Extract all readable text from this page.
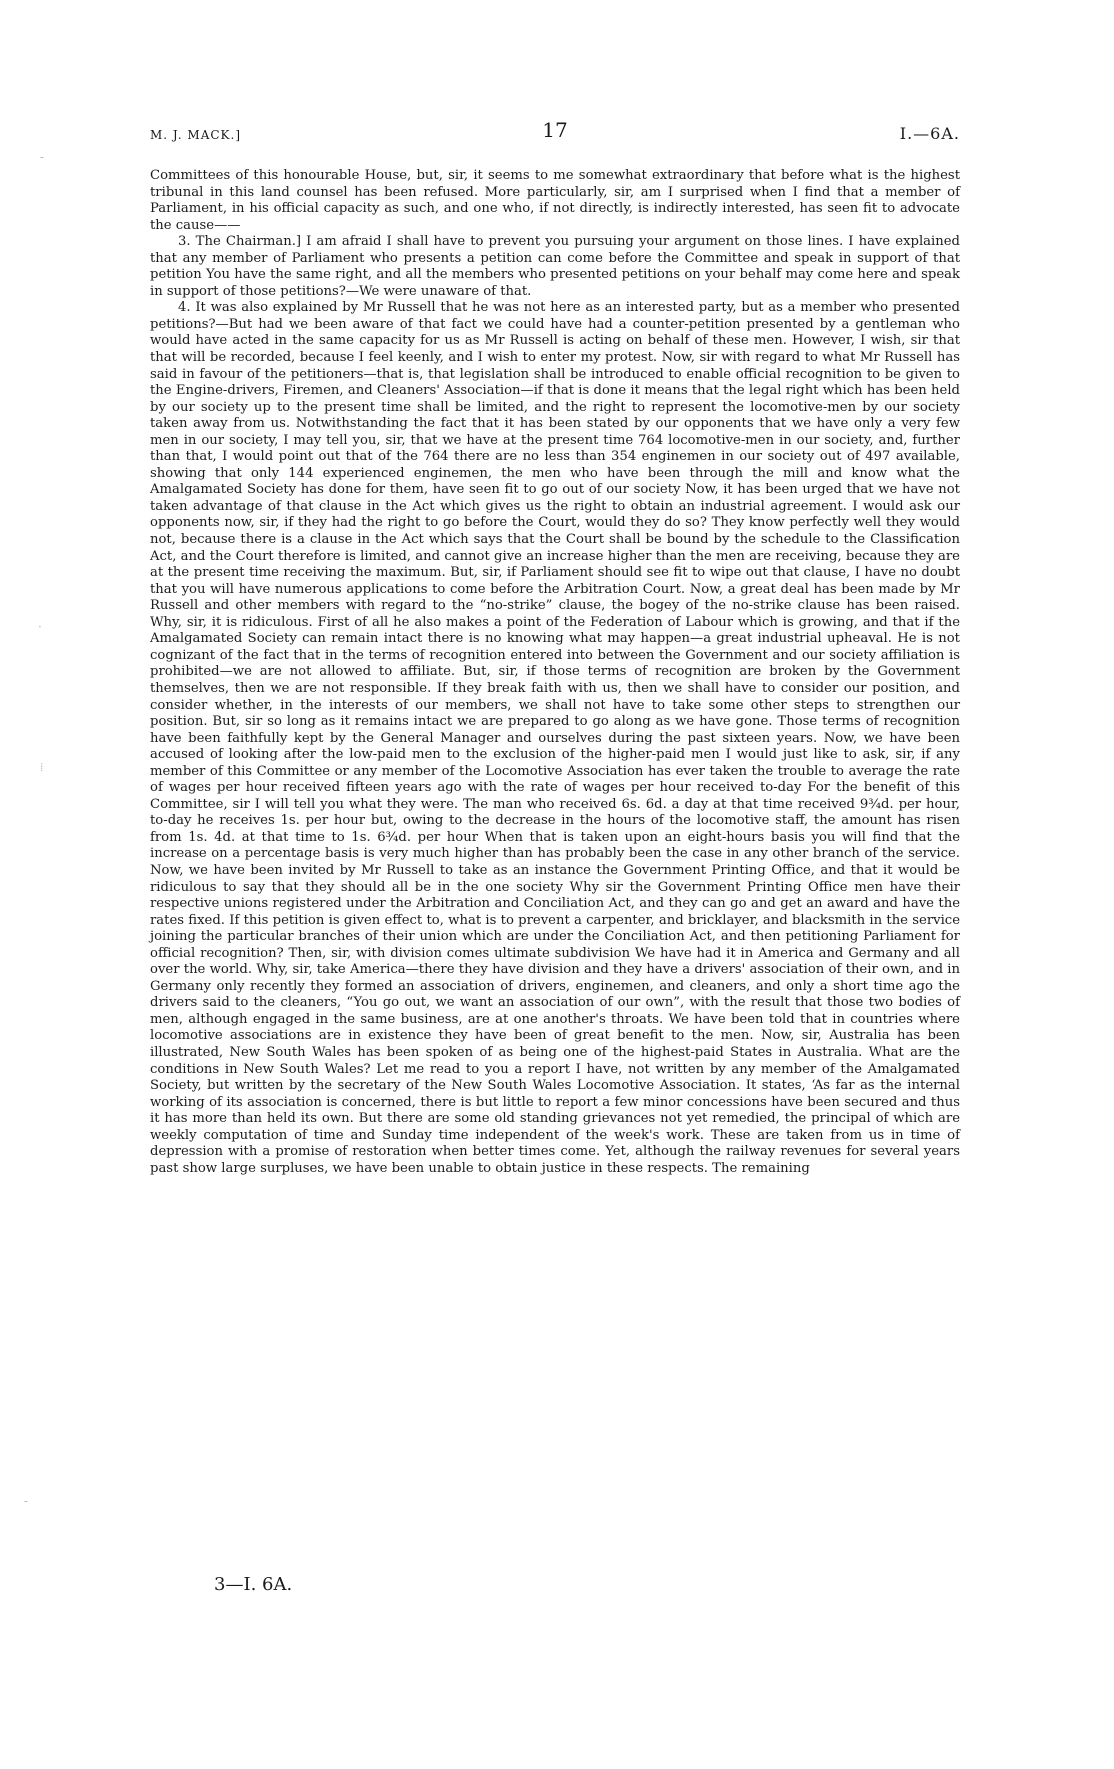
M. J. MACK.]	17	I.—6A.

Committees of this honourable House, but, sir, it seems to me somewhat extraordinary that before what is the highest tribunal in this land counsel has been refused. More particularly, sir, am I surprised when I find that a member of Parliament, in his official capacity as such, and one who, if not directly, is indirectly interested, has seen fit to advocate the cause——

3. The Chairman.] I am afraid I shall have to prevent you pursuing your argument on those lines. I have explained that any member of Parliament who presents a petition can come before the Committee and speak in support of that petition You have the same right, and all the members who presented petitions on your behalf may come here and speak in support of those petitions?—We were unaware of that.

4. It was also explained by Mr Russell that he was not here as an interested party, but as a member who presented petitions?—But had we been aware of that fact we could have had a counter-petition presented by a gentleman who would have acted in the same capacity for us as Mr Russell is acting on behalf of these men. However, I wish, sir that that will be recorded, because I feel keenly, and I wish to enter my protest. Now, sir with regard to what Mr Russell has said in favour of the petitioners—that is, that legislation shall be introduced to enable official recognition to be given to the Engine-drivers, Firemen, and Cleaners' Association—if that is done it means that the legal right which has been held by our society up to the present time shall be limited, and the right to represent the locomotive-men by our society taken away from us. Notwithstanding the fact that it has been stated by our opponents that we have only a very few men in our society, I may tell you, sir, that we have at the present time 764 locomotive-men in our society, and, further than that, I would point out that of the 764 there are no less than 354 enginemen in our society out of 497 available, showing that only 144 experienced enginemen, the men who have been through the mill and know what the Amalgamated Society has done for them, have seen fit to go out of our society Now, it has been urged that we have not taken advantage of that clause in the Act which gives us the right to obtain an industrial agreement. I would ask our opponents now, sir, if they had the right to go before the Court, would they do so? They know perfectly well they would not, because there is a clause in the Act which says that the Court shall be bound by the schedule to the Classification Act, and the Court therefore is limited, and cannot give an increase higher than the men are receiving, because they are at the present time receiving the maximum. But, sir, if Parliament should see fit to wipe out that clause, I have no doubt that you will have numerous applications to come before the Arbitration Court. Now, a great deal has been made by Mr Russell and other members with regard to the “no-strike” clause, the bogey of the no-strike clause has been raised. Why, sir, it is ridiculous. First of all he also makes a point of the Federation of Labour which is growing, and that if the Amalgamated Society can remain intact there is no knowing what may happen—a great industrial upheaval. He is not cognizant of the fact that in the terms of recognition entered into between the Government and our society affiliation is prohibited—we are not allowed to affiliate. But, sir, if those terms of recognition are broken by the Government themselves, then we are not responsible. If they break faith with us, then we shall have to consider our position, and consider whether, in the interests of our members, we shall not have to take some other steps to strengthen our position. But, sir so long as it remains intact we are prepared to go along as we have gone. Those terms of recognition have been faithfully kept by the General Manager and ourselves during the past sixteen years. Now, we have been accused of looking after the low-paid men to the exclusion of the higher-paid men I would just like to ask, sir, if any member of this Committee or any member of the Locomotive Association has ever taken the trouble to average the rate of wages per hour received fifteen years ago with the rate of wages per hour received to-day For the benefit of this Committee, sir I will tell you what they were. The man who received 6s. 6d. a day at that time received 9¾d. per hour, to-day he receives 1s. per hour but, owing to the decrease in the hours of the locomotive staff, the amount has risen from 1s. 4d. at that time to 1s. 6¾d. per hour When that is taken upon an eight-hours basis you will find that the increase on a percentage basis is very much higher than has probably been the case in any other branch of the service. Now, we have been invited by Mr Russell to take as an instance the Government Printing Office, and that it would be ridiculous to say that they should all be in the one society Why sir the Government Printing Office men have their respective unions registered under the Arbitration and Conciliation Act, and they can go and get an award and have the rates fixed. If this petition is given effect to, what is to prevent a carpenter, and bricklayer, and blacksmith in the service joining the particular branches of their union which are under the Conciliation Act, and then petitioning Parliament for official recognition? Then, sir, with division comes ultimate subdivision We have had it in America and Germany and all over the world. Why, sir, take America—there they have division and they have a drivers' association of their own, and in Germany only recently they formed an association of drivers, enginemen, and cleaners, and only a short time ago the drivers said to the cleaners, “You go out, we want an association of our own”, with the result that those two bodies of men, although engaged in the same business, are at one another's throats. We have been told that in countries where locomotive associations are in existence they have been of great benefit to the men. Now, sir, Australia has been illustrated, New South Wales has been spoken of as being one of the highest-paid States in Australia. What are the conditions in New South Wales? Let me read to you a report I have, not written by any member of the Amalgamated Society, but written by the secretary of the New South Wales Locomotive Association. It states, ‘As far as the internal working of its association is concerned, there is but little to report a few minor concessions have been secured and thus it has more than held its own. But there are some old standing grievances not yet remedied, the principal of which are weekly computation of time and Sunday time independent of the week's work. These are taken from us in time of depression with a promise of restoration when better times come. Yet, although the railway revenues for several years past show large surpluses, we have been unable to obtain justice in these respects. The remaining

3—I. 6A.
-
·
⁞
‐
